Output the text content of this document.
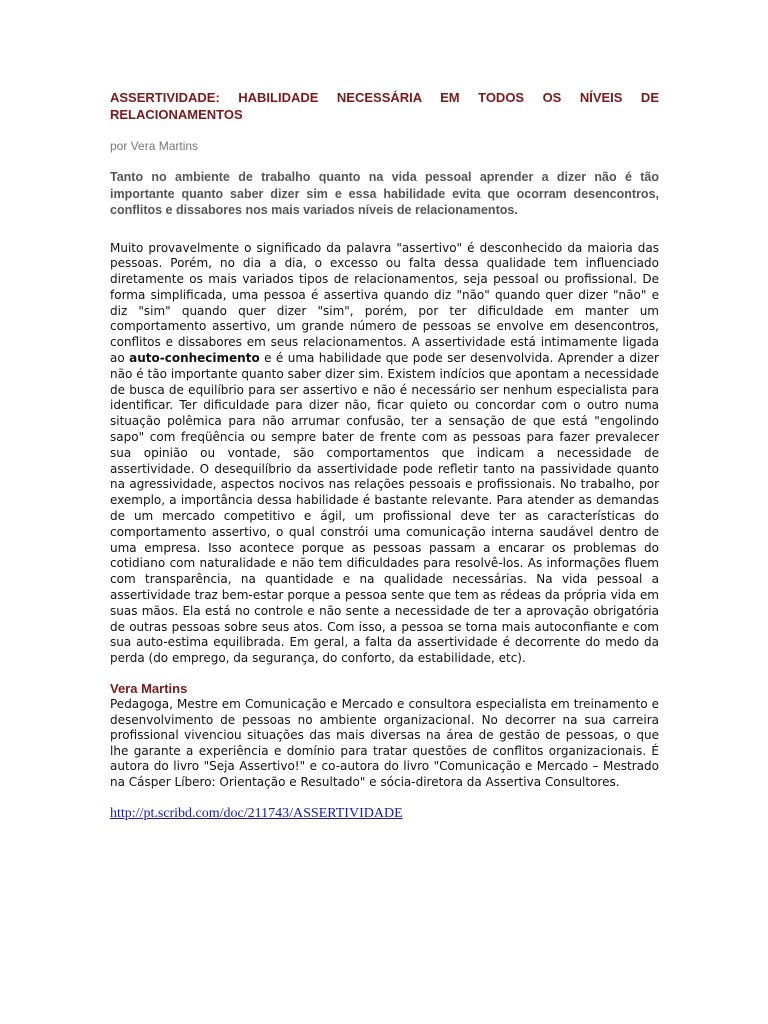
ASSERTIVIDADE: HABILIDADE NECESSÁRIA EM TODOS OS NÍVEIS DE RELACIONAMENTOS

por Vera Martins

Tanto no ambiente de trabalho quanto na vida pessoal aprender a dizer não é tão importante quanto saber dizer sim e essa habilidade evita que ocorram desencontros, conflitos e dissabores nos mais variados níveis de relacionamentos.

Muito provavelmente o significado da palavra "assertivo" é desconhecido da maioria das pessoas. Porém, no dia a dia, o excesso ou falta dessa qualidade tem influenciado diretamente os mais variados tipos de relacionamentos, seja pessoal ou profissional. De forma simplificada, uma pessoa é assertiva quando diz "não" quando quer dizer "não" e diz "sim" quando quer dizer "sim", porém, por ter dificuldade em manter um comportamento assertivo, um grande número de pessoas se envolve em desencontros, conflitos e dissabores em seus relacionamentos. A assertividade está intimamente ligada ao auto-conhecimento e é uma habilidade que pode ser desenvolvida. Aprender a dizer não é tão importante quanto saber dizer sim. Existem indícios que apontam a necessidade de busca de equilíbrio para ser assertivo e não é necessário ser nenhum especialista para identificar. Ter dificuldade para dizer não, ficar quieto ou concordar com o outro numa situação polêmica para não arrumar confusão, ter a sensação de que está "engolindo sapo" com freqüência ou sempre bater de frente com as pessoas para fazer prevalecer sua opinião ou vontade, são comportamentos que indicam a necessidade de assertividade. O desequilíbrio da assertividade pode refletir tanto na passividade quanto na agressividade, aspectos nocivos nas relações pessoais e profissionais. No trabalho, por exemplo, a importância dessa habilidade é bastante relevante. Para atender as demandas de um mercado competitivo e ágil, um profissional deve ter as características do comportamento assertivo, o qual constrói uma comunicação interna saudável dentro de uma empresa. Isso acontece porque as pessoas passam a encarar os problemas do cotidiano com naturalidade e não tem dificuldades para resolvê-los. As informações fluem com transparência, na quantidade e na qualidade necessárias. Na vida pessoal a assertividade traz bem-estar porque a pessoa sente que tem as rédeas da própria vida em suas mãos. Ela está no controle e não sente a necessidade de ter a aprovação obrigatória de outras pessoas sobre seus atos. Com isso, a pessoa se torna mais autoconfiante e com sua auto-estima equilibrada. Em geral, a falta da assertividade é decorrente do medo da perda (do emprego, da segurança, do conforto, da estabilidade, etc).

Vera Martins

Pedagoga, Mestre em Comunicação e Mercado e consultora especialista em treinamento e desenvolvimento de pessoas no ambiente organizacional. No decorrer na sua carreira profissional vivenciou situações das mais diversas na área de gestão de pessoas, o que lhe garante a experiência e domínio para tratar questões de conflitos organizacionais. É autora do livro "Seja Assertivo!" e co-autora do livro "Comunicação e Mercado – Mestrado na Cásper Líbero: Orientação e Resultado" e sócia-diretora da Assertiva Consultores.

http://pt.scribd.com/doc/211743/ASSERTIVIDADE
